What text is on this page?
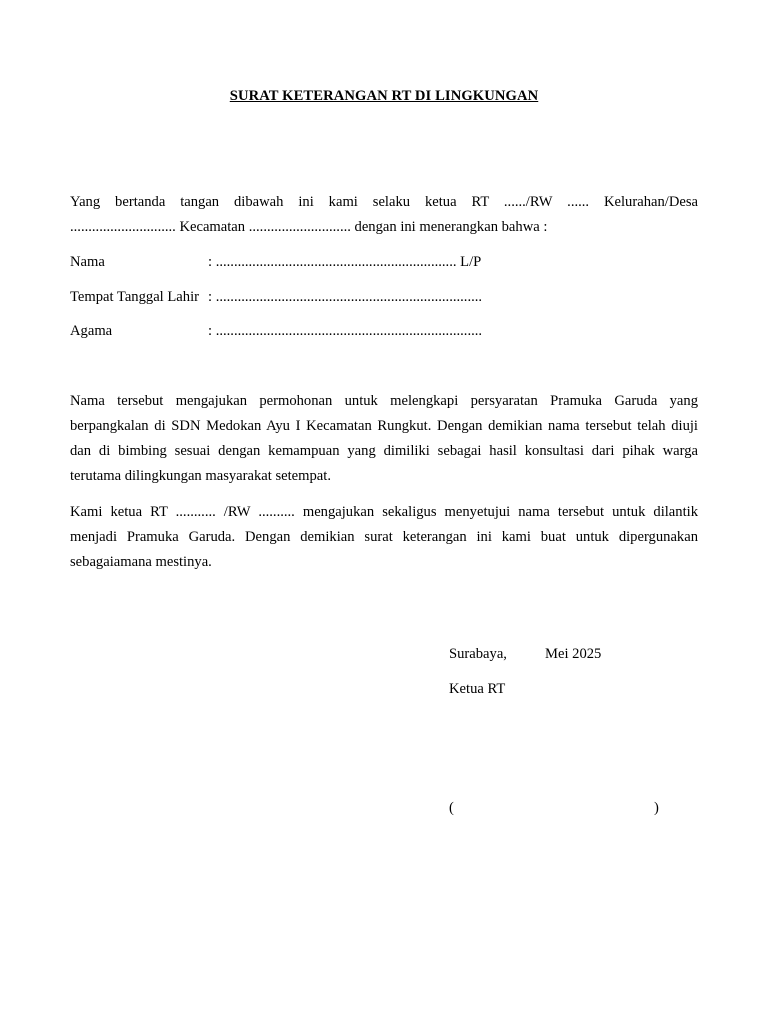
SURAT KETERANGAN RT DI LINGKUNGAN
Yang bertanda tangan dibawah ini kami selaku ketua RT ....../RW ...... Kelurahan/Desa
............................. Kecamatan ............................ dengan ini menerangkan bahwa :
Nama	: .................................................................. L/P
Tempat Tanggal Lahir : .........................................................................
Agama	: .........................................................................
Nama tersebut mengajukan permohonan untuk melengkapi persyaratan Pramuka Garuda yang
berpangkalan di SDN Medokan Ayu I Kecamatan Rungkut. Dengan demikian nama tersebut telah diuji
dan di bimbing sesuai dengan kemampuan yang dimiliki sebagai hasil konsultasi dari pihak warga
terutama dilingkungan masyarakat setempat.
Kami ketua RT ........... /RW .......... mengajukan sekaligus menyetujui nama tersebut untuk dilantik
menjadi Pramuka Garuda. Dengan demikian surat keterangan ini kami buat untuk dipergunakan
sebagaiamana mestinya.
Surabaya,	Mei 2025
Ketua RT
(	)
